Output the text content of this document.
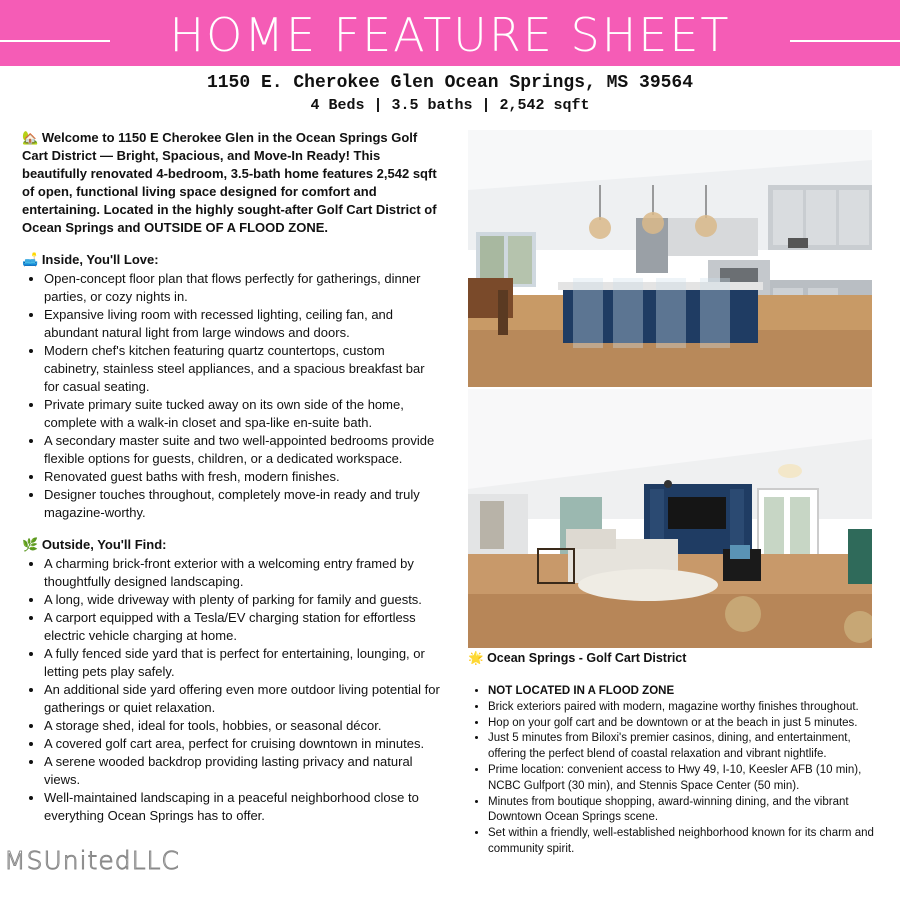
HOME FEATURE SHEET
1150 E. Cherokee Glen Ocean Springs, MS 39564
4 Beds | 3.5 baths | 2,542 sqft

🏡 Welcome to 1150 E Cherokee Glen in the Ocean Springs Golf Cart District — Bright, Spacious, and Move-In Ready! This beautifully renovated 4-bedroom, 3.5-bath home features 2,542 sqft of open, functional living space designed for comfort and entertaining. Located in the highly sought-after Golf Cart District of Ocean Springs and OUTSIDE OF A FLOOD ZONE.

🛋️ Inside, You'll Love:
• Open-concept floor plan that flows perfectly for gatherings, dinner parties, or cozy nights in.
• Expansive living room with recessed lighting, ceiling fan, and abundant natural light from large windows and doors.
• Modern chef's kitchen featuring quartz countertops, custom cabinetry, stainless steel appliances, and a spacious breakfast bar for casual seating.
• Private primary suite tucked away on its own side of the home, complete with a walk-in closet and spa-like en-suite bath.
• A secondary master suite and two well-appointed bedrooms provide flexible options for guests, children, or a dedicated workspace.
• Renovated guest baths with fresh, modern finishes.
• Designer touches throughout, completely move-in ready and truly magazine-worthy.
🌿 Outside, You'll Find:
• A charming brick-front exterior with a welcoming entry framed by thoughtfully designed landscaping.
• A long, wide driveway with plenty of parking for family and guests.
• A carport equipped with a Tesla/EV charging station for effortless electric vehicle charging at home.
• A fully fenced side yard that is perfect for entertaining, lounging, or letting pets play safely.
• An additional side yard offering even more outdoor living potential for gatherings or quiet relaxation.
• A storage shed, ideal for tools, hobbies, or seasonal décor.
• A covered golf cart area, perfect for cruising downtown in minutes.
• A serene wooded backdrop providing lasting privacy and natural views.
• Well-maintained landscaping in a peaceful neighborhood close to everything Ocean Springs has to offer.
🌟 Ocean Springs - Golf Cart District
• NOT LOCATED IN A FLOOD ZONE
• Brick exteriors paired with modern, magazine worthy finishes throughout.
• Hop on your golf cart and be downtown or at the beach in just 5 minutes.
• Just 5 minutes from Biloxi's premier casinos, dining, and entertainment, offering the perfect blend of coastal relaxation and vibrant nightlife.
• Prime location: convenient access to Hwy 49, I-10, Keesler AFB (10 min), NCBC Gulfport (30 min), and Stennis Space Center (50 min).
• Minutes from boutique shopping, award-winning dining, and the vibrant Downtown Ocean Springs scene.
• Set within a friendly, well-established neighborhood known for its charm and community spirit.
MSUnitedLLC
